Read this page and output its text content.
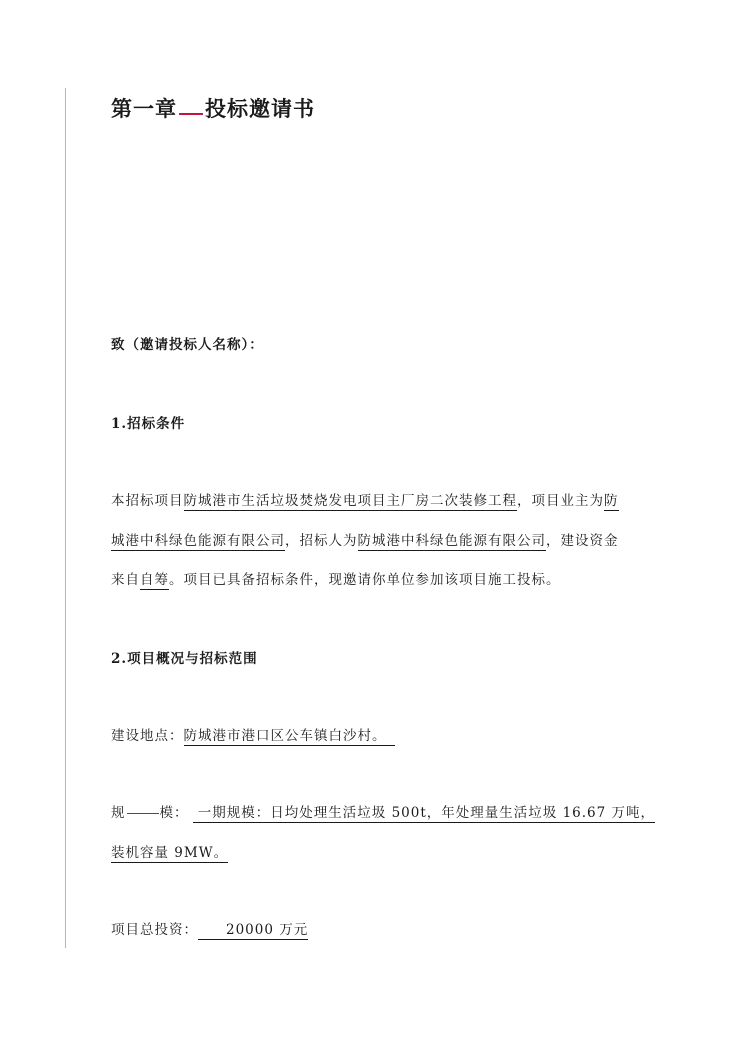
第一章 投标邀请书
致（邀请投标人名称）：
1.招标条件
本招标项目防城港市生活垃圾焚烧发电项目主厂房二次装修工程，项目业主为防
城港中科绿色能源有限公司，招标人为防城港中科绿色能源有限公司，建设资金
来自自筹。项目已具备招标条件，现邀请你单位参加该项目施工投标。
2.项目概况与招标范围
建设地点：防城港市港口区公车镇白沙村。
规	模： 一期规模：日均处理生活垃圾 500t，年处理量生活垃圾 16.67 万吨，
装机容量 9MW。
项目总投资： 20000 万元
